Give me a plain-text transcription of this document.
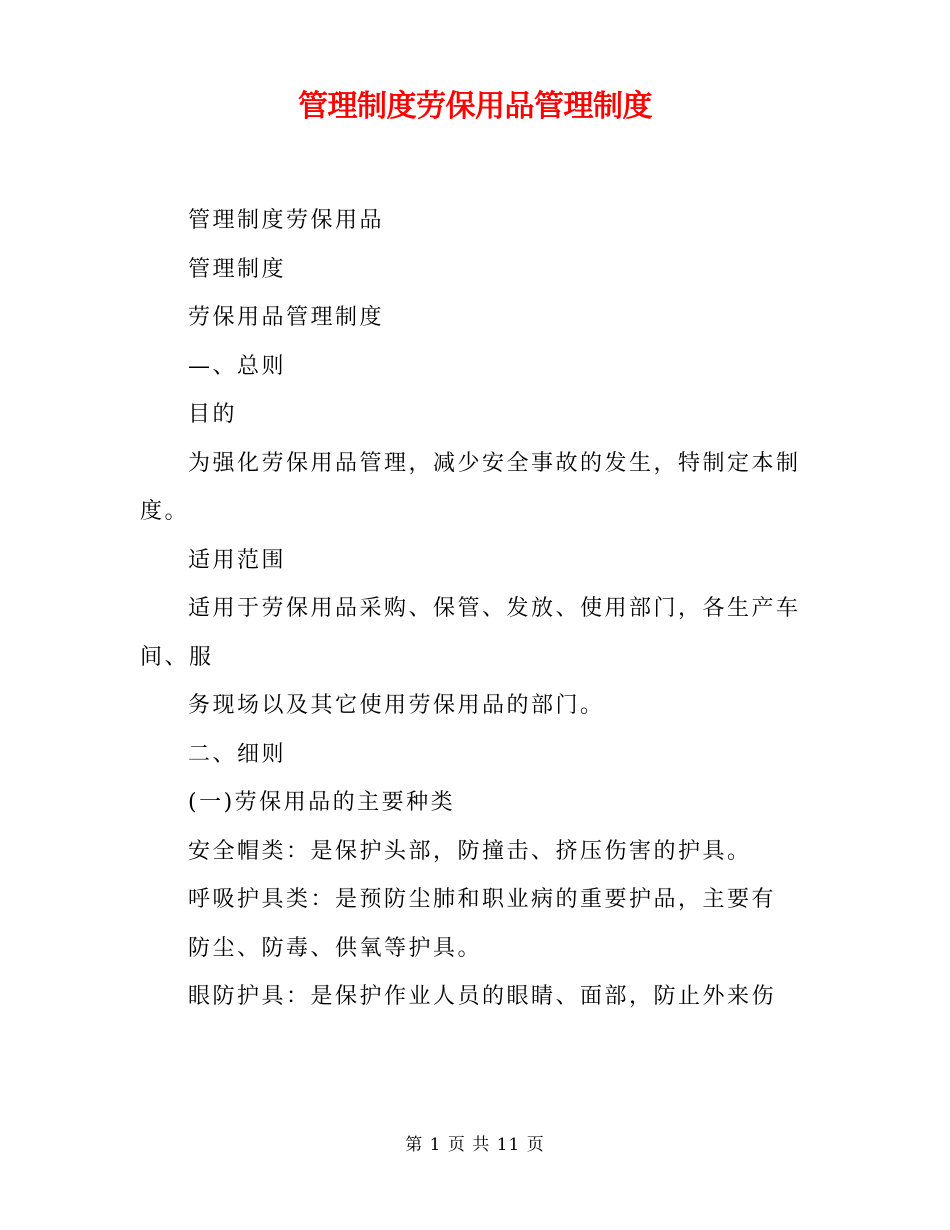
管理制度劳保用品管理制度

管理制度劳保用品

管理制度

劳保用品管理制度

—、总则

目的

为强化劳保用品管理，减少安全事故的发生，特制定本制度。

适用范围

适用于劳保用品采购、保管、发放、使用部门，各生产车间、服

务现场以及其它使用劳保用品的部门。

二、细则

(一)劳保用品的主要种类

安全帽类：是保护头部，防撞击、挤压伤害的护具。

呼吸护具类：是预防尘肺和职业病的重要护品，主要有

防尘、防毒、供氧等护具。

眼防护具：是保护作业人员的眼睛、面部，防止外来伤

第 1 页 共 11 页
